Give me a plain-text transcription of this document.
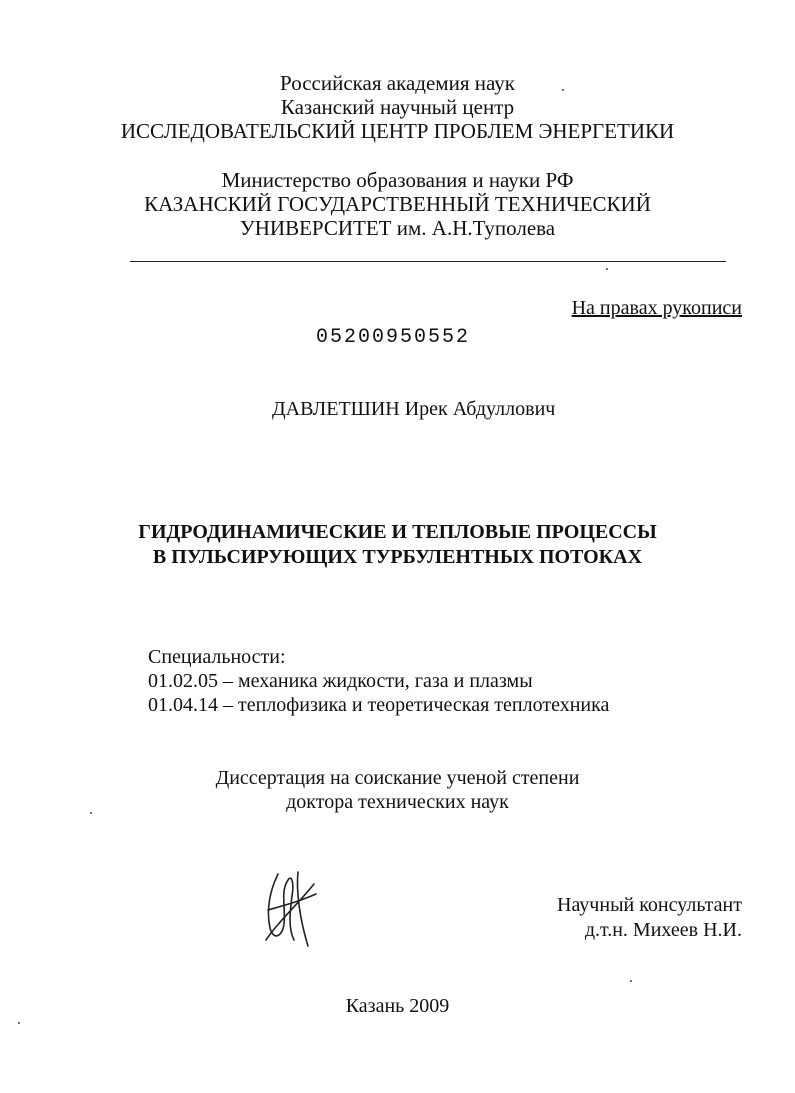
Российская академия наук
Казанский научный центр
ИССЛЕДОВАТЕЛЬСКИЙ ЦЕНТР ПРОБЛЕМ ЭНЕРГЕТИКИ
Министерство образования и науки РФ
КАЗАНСКИЙ ГОСУДАРСТВЕННЫЙ ТЕХНИЧЕСКИЙ
УНИВЕРСИТЕТ им. А.Н.Туполева
На правах рукописи
05200950552
ДАВЛЕТШИН Ирек Абдуллович
ГИДРОДИНАМИЧЕСКИЕ И ТЕПЛОВЫЕ ПРОЦЕССЫ
В ПУЛЬСИРУЮЩИХ ТУРБУЛЕНТНЫХ ПОТОКАХ
Специальности:
01.02.05 – механика жидкости, газа и плазмы
01.04.14 – теплофизика и теоретическая теплотехника
Диссертация на соискание ученой степени
доктора технических наук
Научный консультант
д.т.н. Михеев Н.И.
Казань 2009
